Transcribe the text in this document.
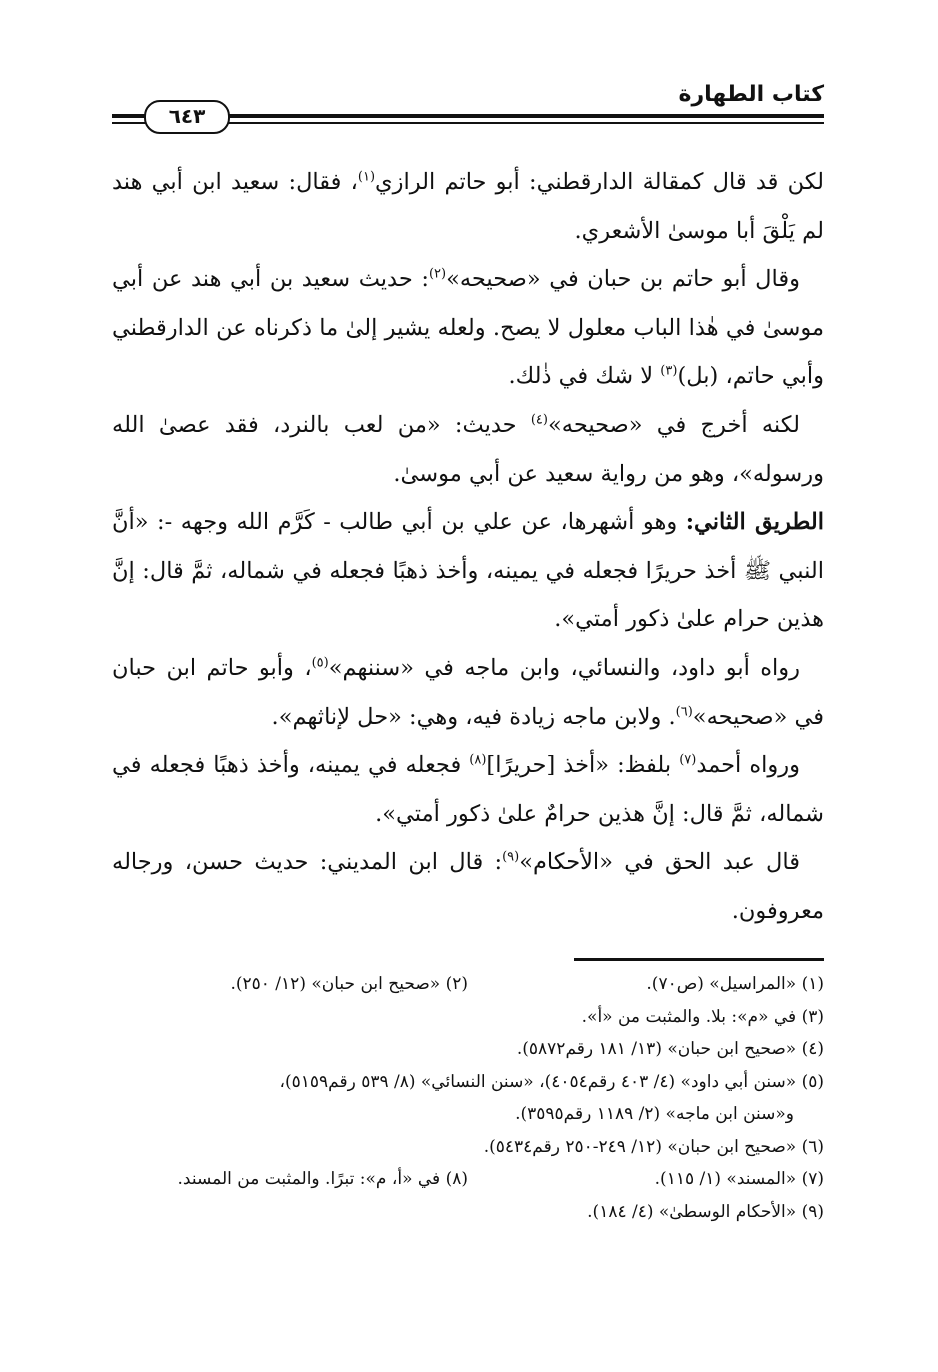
كتاب الطهارة
٦٤٣

لكن قد قال كمقالة الدارقطني: أبو حاتم الرازي$^{(١)}$، فقال: سعيد ابن أبي هند لم يَلْقَ أبا موسىٰ الأشعري.

وقال أبو حاتم بن حبان في «صحيحه»$^{(٢)}$: حديث سعيد بن أبي هند عن أبي موسىٰ في هٰذا الباب معلول لا يصح. ولعله يشير إلىٰ ما ذكرناه عن الدارقطني وأبي حاتم، (بل)$^{(٣)}$ لا شك في ذٰلك.

لكنه أخرج في «صحيحه»$^{(٤)}$ حديث: «من لعب بالنرد، فقد عصىٰ الله ورسوله»، وهو من رواية سعيد عن أبي موسىٰ.

الطريق الثاني: وهو أشهرها، عن علي بن أبي طالب - كَرَّم الله وجهه -: «أنَّ النبي ﷺ أخذ حريرًا فجعله في يمينه، وأخذ ذهبًا فجعله في شماله، ثمَّ قال: إنَّ هذين حرام علىٰ ذكور أمتي».

رواه أبو داود، والنسائي، وابن ماجه في «سننهم»$^{(٥)}$، وأبو حاتم ابن حبان في «صحيحه»$^{(٦)}$. ولابن ماجه زيادة فيه، وهي: «حل لإناثهم».

ورواه أحمد$^{(٧)}$ بلفظ: «أخذ [حريرًا]$^{(٨)}$ فجعله في يمينه، وأخذ ذهبًا فجعله في شماله، ثمَّ قال: إنَّ هذين حرامٌ علىٰ ذكور أمتي».

قال عبد الحق في «الأحكام»$^{(٩)}$: قال ابن المديني: حديث حسن، ورجاله معروفون.

(١) «المراسيل» (ص٧٠).
(٢) «صحيح ابن حبان» (١٢/ ٢٥٠).
(٣) في «م»: بلا. والمثبت من «أ».
(٤) «صحيح ابن حبان» (١٣/ ١٨١ رقم٥٨٧٢).
(٥) «سنن أبي داود» (٤/ ٤٠٣ رقم٤٠٥٤)، «سنن النسائي» (٨/ ٥٣٩ رقم٥١٥٩)،
و«سنن ابن ماجه» (٢/ ١١٨٩ رقم٣٥٩٥).
(٦) «صحيح ابن حبان» (١٢/ ٢٤٩-٢٥٠ رقم٥٤٣٤).
(٧) «المسند» (١/ ١١٥).
(٨) في «أ، م»: تبرًا. والمثبت من المسند.
(٩) «الأحكام الوسطىٰ» (٤/ ١٨٤).
